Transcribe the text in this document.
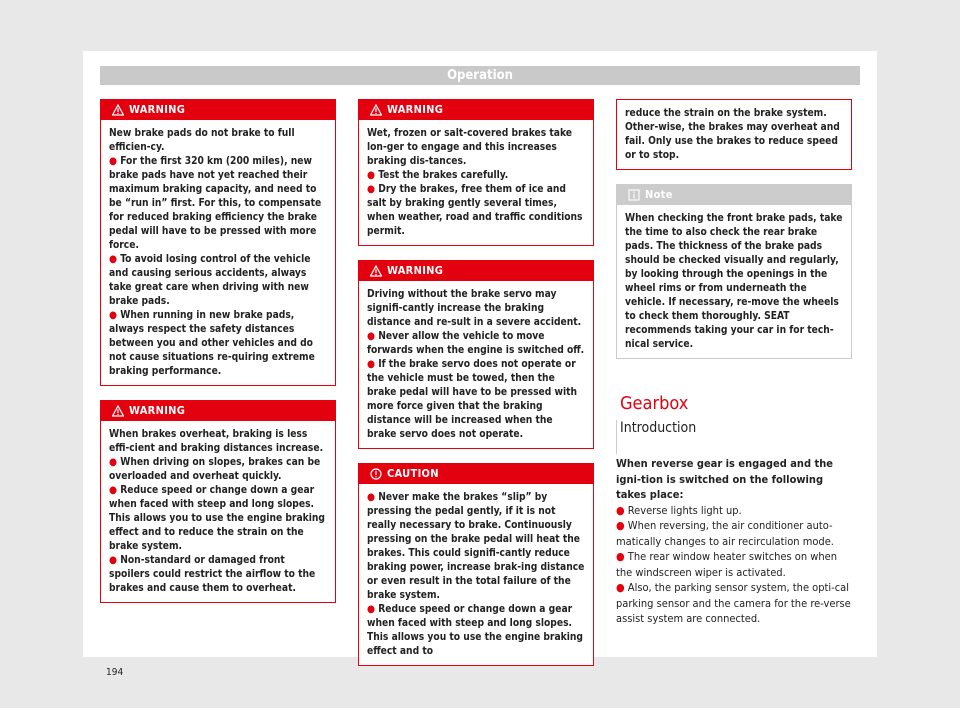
Operation
WARNING

New brake pads do not brake to full efficien-cy.

● For the first 320 km (200 miles), new brake pads have not yet reached their maximum braking capacity, and need to be “run in” first. For this, to compensate for reduced braking efficiency the brake pedal will have to be pressed with more force.

● To avoid losing control of the vehicle and causing serious accidents, always take great care when driving with new brake pads.

● When running in new brake pads, always respect the safety distances between you and other vehicles and do not cause situations re-quiring extreme braking performance.

WARNING

When brakes overheat, braking is less effi-cient and braking distances increase.

● When driving on slopes, brakes can be overloaded and overheat quickly.

● Reduce speed or change down a gear when faced with steep and long slopes. This allows you to use the engine braking effect and to reduce the strain on the brake system.

● Non-standard or damaged front spoilers could restrict the airflow to the brakes and cause them to overheat.

194
WARNING

Wet, frozen or salt-covered brakes take lon-ger to engage and this increases braking dis-tances.

● Test the brakes carefully.

● Dry the brakes, free them of ice and salt by braking gently several times, when weather, road and traffic conditions permit.

WARNING

Driving without the brake servo may signifi-cantly increase the braking distance and re-sult in a severe accident.

● Never allow the vehicle to move forwards when the engine is switched off.

● If the brake servo does not operate or the vehicle must be towed, then the brake pedal will have to be pressed with more force given that the braking distance will be increased when the brake servo does not operate.

CAUTION

● Never make the brakes “slip” by pressing the pedal gently, if it is not really necessary to brake. Continuously pressing on the brake pedal will heat the brakes. This could signifi-cantly reduce braking power, increase brak-ing distance or even result in the total failure of the brake system.

● Reduce speed or change down a gear when faced with steep and long slopes. This allows you to use the engine braking effect and to

reduce the strain on the brake system. Other-wise, the brakes may overheat and fail. Only use the brakes to reduce speed or to stop.

Note

When checking the front brake pads, take the time to also check the rear brake pads. The thickness of the brake pads should be checked visually and regularly, by looking through the openings in the wheel rims or from underneath the vehicle. If necessary, re-move the wheels to check them thoroughly. SEAT recommends taking your car in for tech-nical service.

Gearbox
Introduction

When reverse gear is engaged and the igni-tion is switched on the following takes place:

● Reverse lights light up.

● When reversing, the air conditioner auto-matically changes to air recirculation mode.

● The rear window heater switches on when the windscreen wiper is activated.

● Also, the parking sensor system, the opti-cal parking sensor and the camera for the re-verse assist system are connected.
